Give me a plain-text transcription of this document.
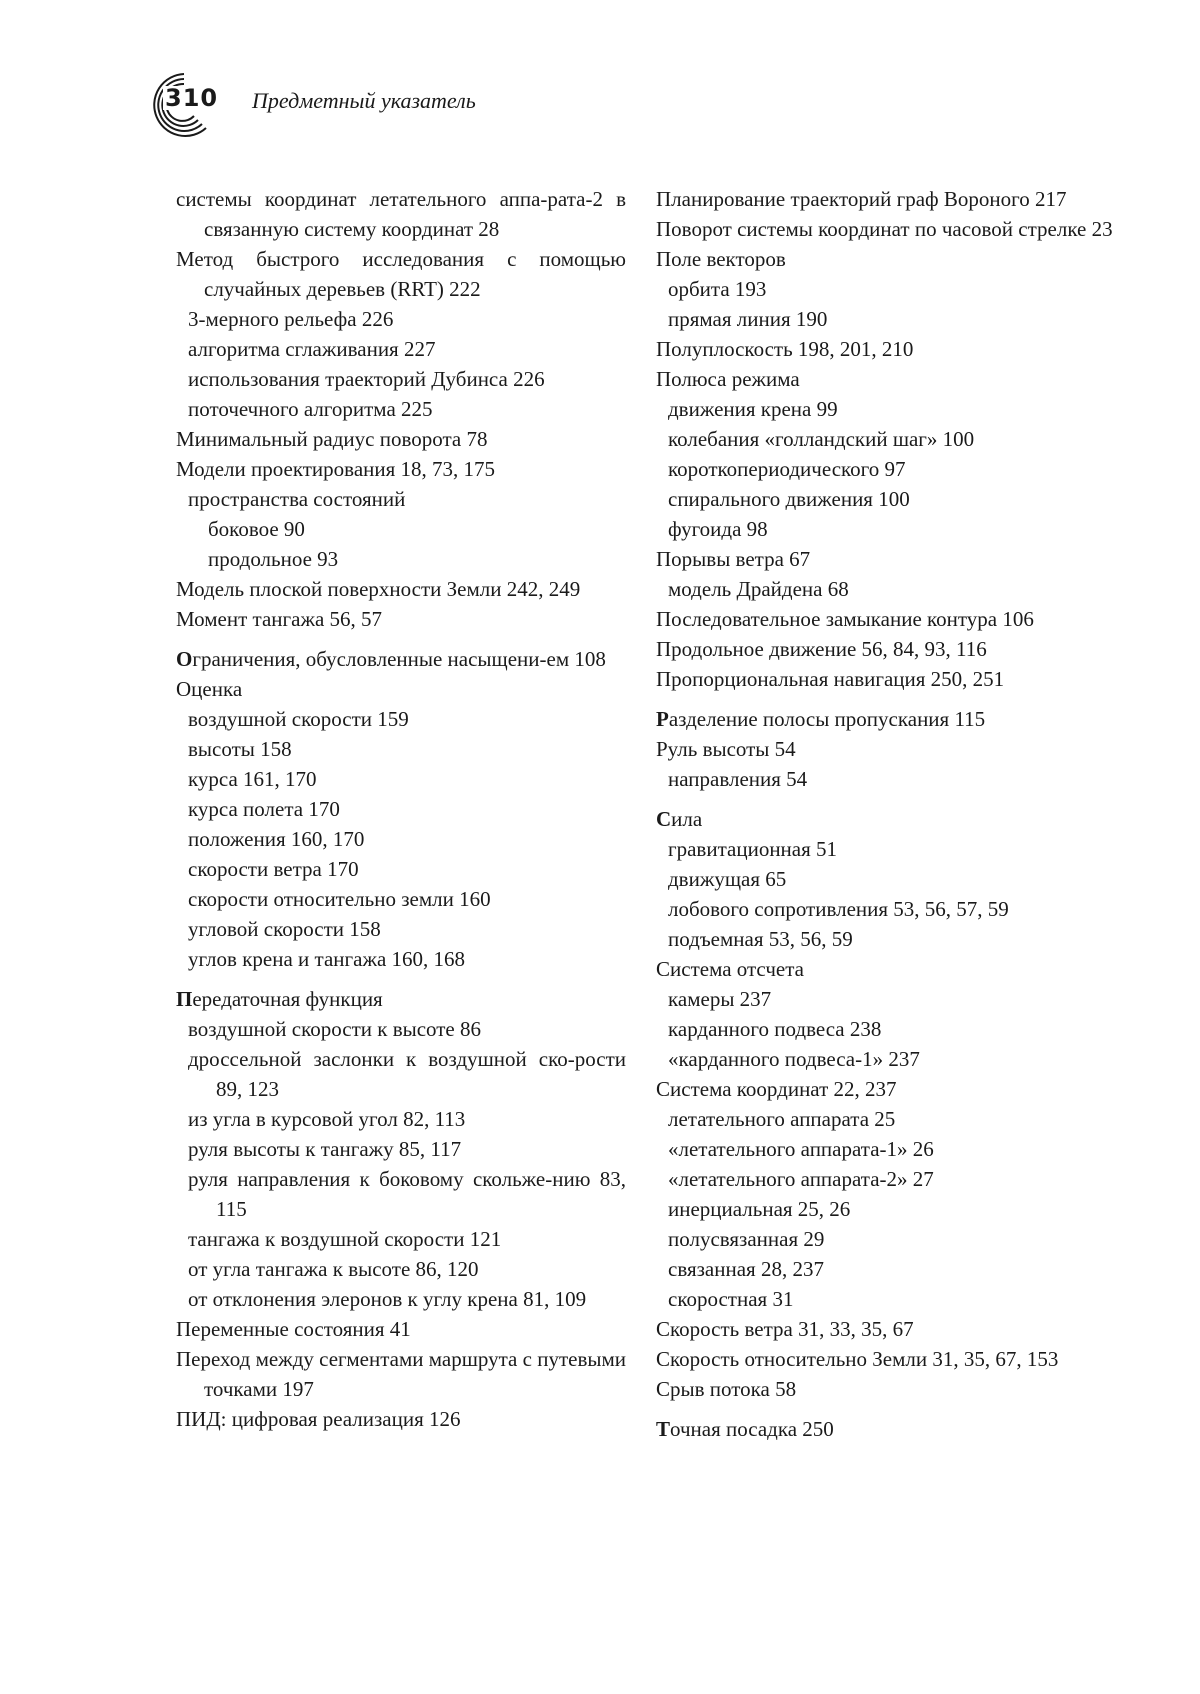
310 Предметный указатель
системы координат летательного аппа-рата-2 в связанную систему координат 28
Метод быстрого исследования с помощью случайных деревьев (RRT) 222
3-мерного рельефа 226
алгоритма сглаживания 227
использования траекторий Дубинса 226
поточечного алгоритма 225
Минимальный радиус поворота 78
Модели проектирования 18, 73, 175
пространства состояний
боковое 90
продольное 93
Модель плоской поверхности Земли 242, 249
Момент тангажа 56, 57
Ограничения, обусловленные насыщени-ем 108
Оценка
воздушной скорости 159
высоты 158
курса 161, 170
курса полета 170
положения 160, 170
скорости ветра 170
скорости относительно земли 160
угловой скорости 158
углов крена и тангажа 160, 168
Передаточная функция
воздушной скорости к высоте 86
дроссельной заслонки к воздушной ско-рости 89, 123
из угла в курсовой угол 82, 113
руля высоты к тангажу 85, 117
руля направления к боковому скольже-нию 83, 115
тангажа к воздушной скорости 121
от угла тангажа к высоте 86, 120
от отклонения элеронов к углу крена 81, 109
Переменные состояния 41
Переход между сегментами маршрута с путевыми точками 197
ПИД: цифровая реализация 126
Планирование траекторий граф Вороного 217
Поворот системы координат по часовой стрелке 23
Поле векторов
орбита 193
прямая линия 190
Полуплоскость 198, 201, 210
Полюса режима
движения крена 99
колебания «голландский шаг» 100
короткопериодического 97
спирального движения 100
фугоида 98
Порывы ветра 67
модель Драйдена 68
Последовательное замыкание контура 106
Продольное движение 56, 84, 93, 116
Пропорциональная навигация 250, 251
Разделение полосы пропускания 115
Руль высоты 54
направления 54
Сила
гравитационная 51
движущая 65
лобового сопротивления 53, 56, 57, 59
подъемная 53, 56, 59
Система отсчета
камеры 237
карданного подвеса 238
«карданного подвеса-1» 237
Система координат 22, 237
летательного аппарата 25
«летательного аппарата-1» 26
«летательного аппарата-2» 27
инерциальная 25, 26
полусвязанная 29
связанная 28, 237
скоростная 31
Скорость ветра 31, 33, 35, 67
Скорость относительно Земли 31, 35, 67, 153
Срыв потока 58
Точная посадка 250
